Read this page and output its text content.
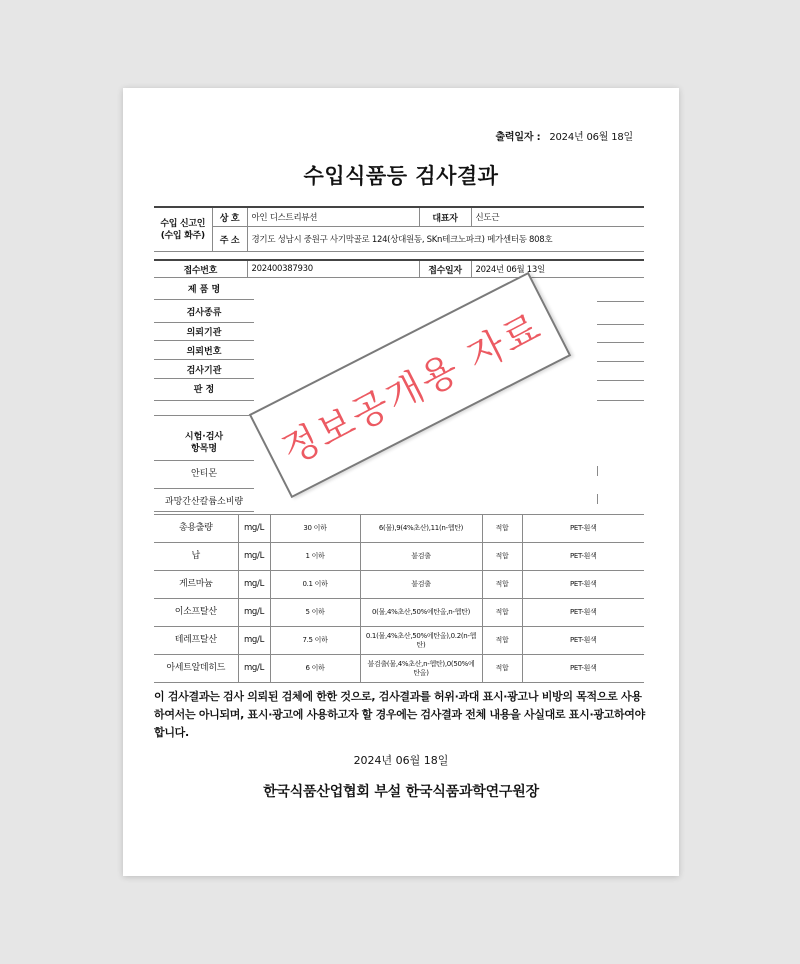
출력일자 : 2024년 06월 18일
수입식품등 검사결과
수입 신고인
(수입 화주)	상 호	아인 디스트리뷰션	대표자	신도근
	주 소	경기도 성남시 중원구 사기막골로 124(상대원동, SKn테크노파크) 메가센터동 808호		
접수번호	202400387930	접수일자	2024년 06월 13일
제 품 명
검사종류
의뢰기관
의뢰번호
검사기관
판 정
시험·검사
항목명
안티몬
과망간산칼륨소비량
정보공개용 자료
총용출량	mg/L	30 이하	6(물),9(4%초산),11(n-헵탄)	적합	PET-흰색
납	mg/L	1 이하	불검출	적합	PET-흰색
게르마늄	mg/L	0.1 이하	불검출	적합	PET-흰색
이소프탈산	mg/L	5 이하	0(물,4%초산,50%에탄올,n-헵탄)	적합	PET-흰색
테레프탈산	mg/L	7.5 이하	0.1(물,4%초산,50%에탄올),0.2(n-헵탄)	적합	PET-흰색
아세트알데히드	mg/L	6 이하	불검출(물,4%초산,n-헵탄),0(50%에탄올)	적합	PET-흰색
이 검사결과는 검사 의뢰된 검체에 한한 것으로, 검사결과를 허위·과대 표시·광고나 비방의 목적으로 사용하여서는 아니되며, 표시·광고에 사용하고자 할 경우에는 검사결과 전체 내용을 사실대로 표시·광고하여야 합니다.
2024년 06월 18일
한국식품산업협회 부설 한국식품과학연구원장
